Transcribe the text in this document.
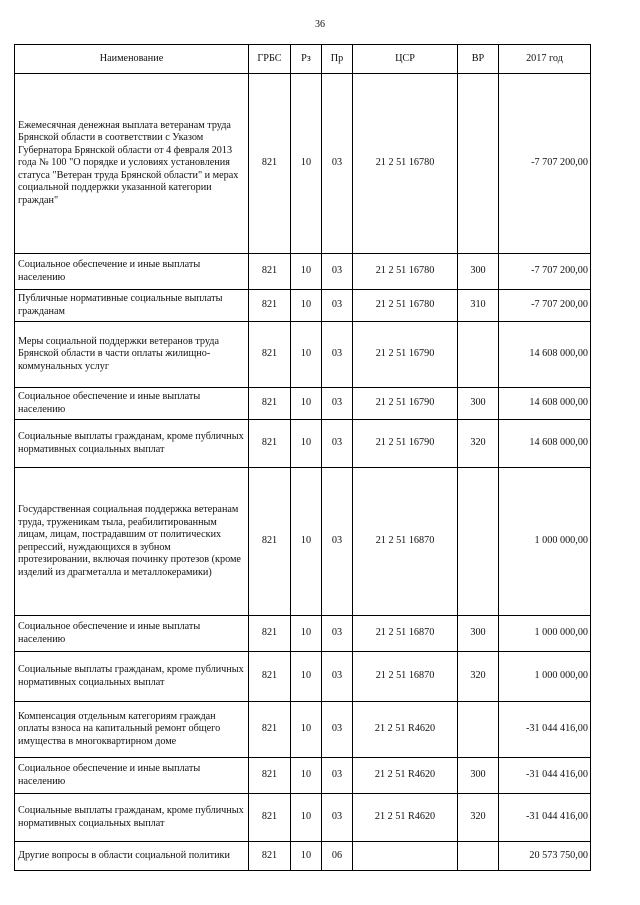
36
Наименование	ГРБС	Рз	Пр	ЦСР	ВР	2017 год
Ежемесячная денежная выплата ветеранам труда Брянской области в соответствии с Указом Губернатора Брянской области от 4 февраля 2013 года № 100 "О порядке и условиях установления статуса "Ветеран труда Брянской области" и мерах социальной поддержки указанной категории граждан"	821	10	03	21 2 51 16780		-7 707 200,00
Социальное обеспечение и иные выплаты населению	821	10	03	21 2 51 16780	300	-7 707 200,00
Публичные нормативные социальные выплаты гражданам	821	10	03	21 2 51 16780	310	-7 707 200,00
Меры социальной поддержки ветеранов труда Брянской области в части оплаты жилищно-коммунальных услуг	821	10	03	21 2 51 16790		14 608 000,00
Социальное обеспечение и иные выплаты населению	821	10	03	21 2 51 16790	300	14 608 000,00
Социальные выплаты гражданам, кроме публичных нормативных социальных выплат	821	10	03	21 2 51 16790	320	14 608 000,00
Государственная социальная поддержка ветеранам труда, труженикам тыла, реабилитированным лицам, лицам, пострадавшим от политических репрессий, нуждающихся в зубном протезировании, включая починку протезов (кроме изделий из драгметалла и металлокерамики)	821	10	03	21 2 51 16870		1 000 000,00
Социальное обеспечение и иные выплаты населению	821	10	03	21 2 51 16870	300	1 000 000,00
Социальные выплаты гражданам, кроме публичных нормативных социальных выплат	821	10	03	21 2 51 16870	320	1 000 000,00
Компенсация отдельным категориям граждан оплаты взноса на капитальный ремонт общего имущества в многоквартирном доме	821	10	03	21 2 51 R4620		-31 044 416,00
Социальное обеспечение и иные выплаты населению	821	10	03	21 2 51 R4620	300	-31 044 416,00
Социальные выплаты гражданам, кроме публичных нормативных социальных выплат	821	10	03	21 2 51 R4620	320	-31 044 416,00
Другие вопросы в области социальной политики	821	10	06			20 573 750,00
